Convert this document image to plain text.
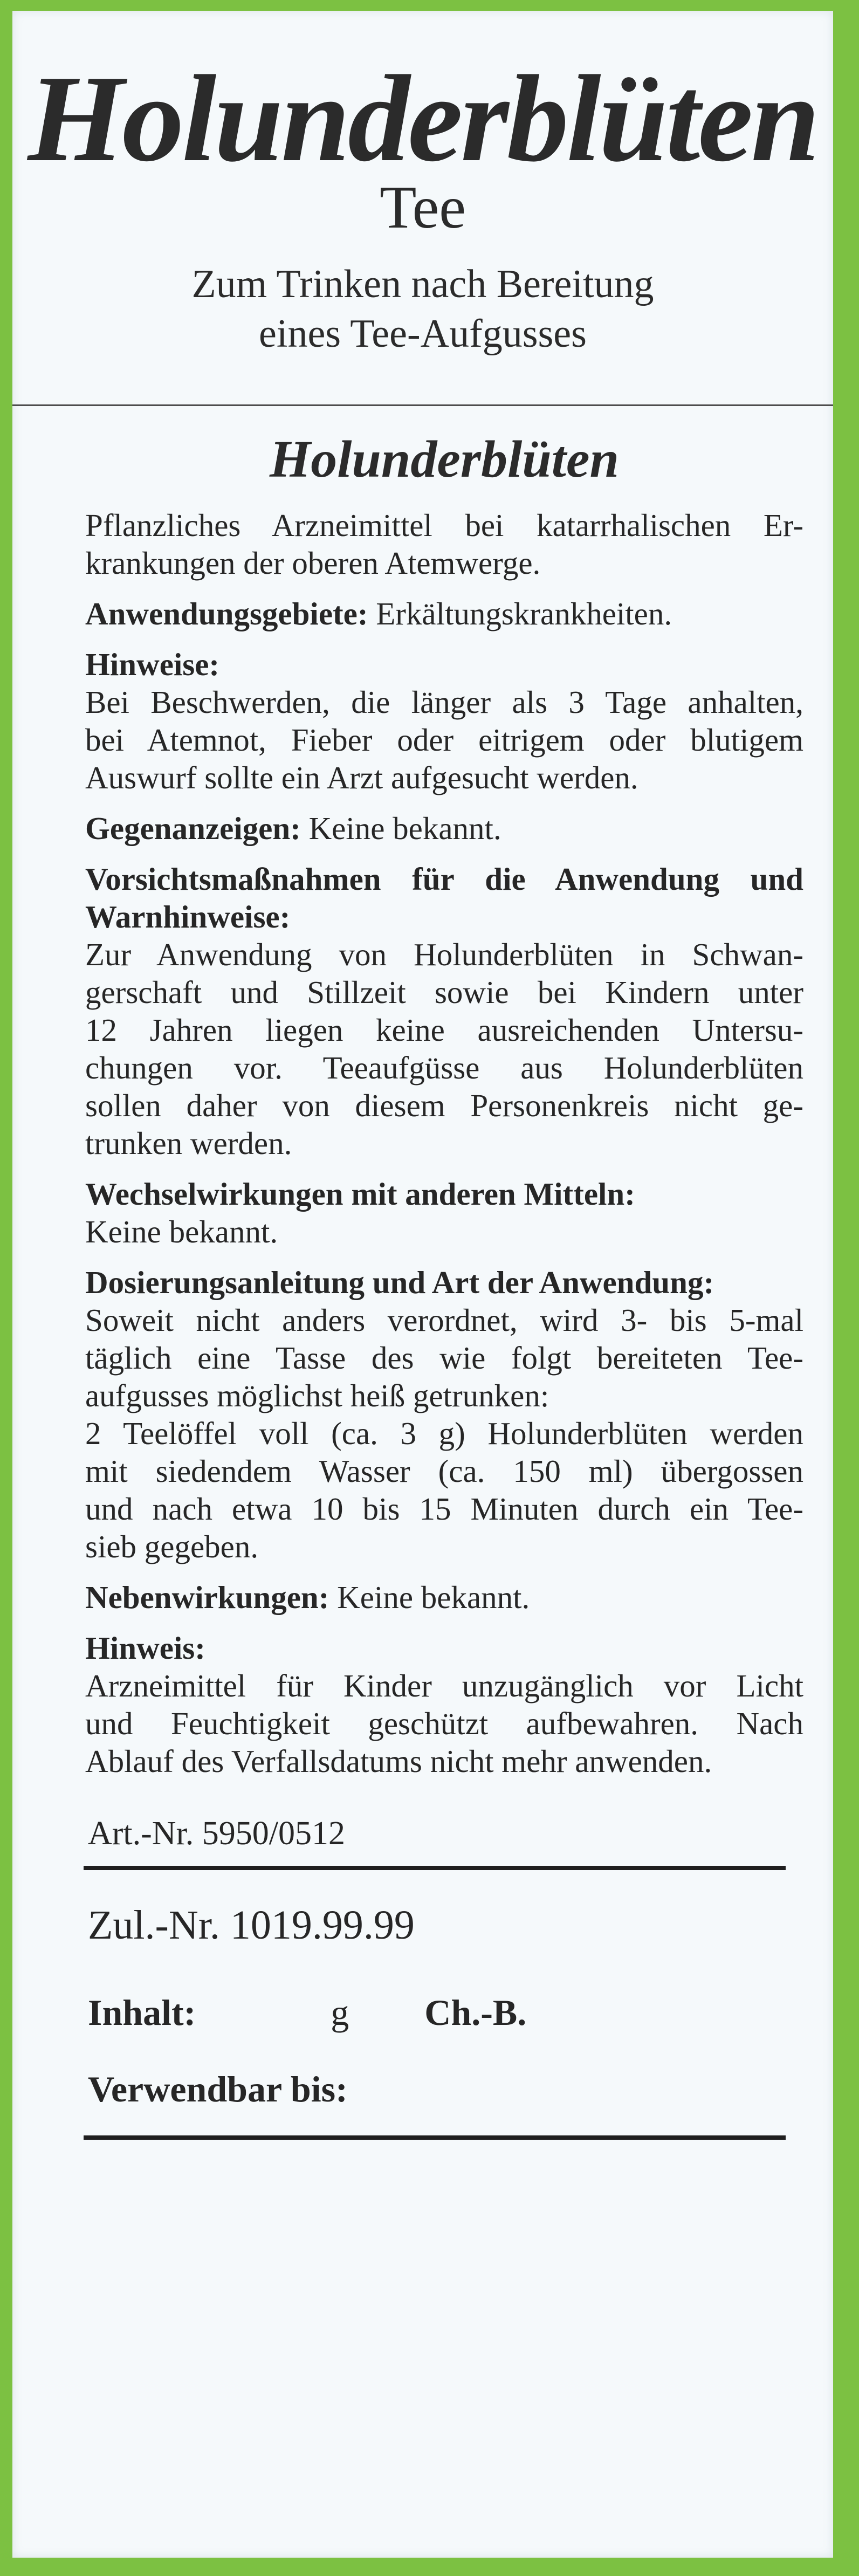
Holunderblüten
Tee
Zum Trinken nach Bereitung
eines Tee-Aufgusses
Holunderblüten
Pflanzliches Arzneimittel bei katarrhalischen Er-
krankungen der oberen Atemwerge.
Anwendungsgebiete: Erkältungskrankheiten.
Hinweise:
Bei Beschwerden, die länger als 3 Tage anhalten,
bei Atemnot, Fieber oder eitrigem oder blutigem
Auswurf sollte ein Arzt aufgesucht werden.
Gegenanzeigen: Keine bekannt.
Vorsichtsmaßnahmen für die Anwendung und
Warnhinweise:
Zur Anwendung von Holunderblüten in Schwan-
gerschaft und Stillzeit sowie bei Kindern unter
12 Jahren liegen keine ausreichenden Untersu-
chungen vor. Teeaufgüsse aus Holunderblüten
sollen daher von diesem Personenkreis nicht ge-
trunken werden.
Wechselwirkungen mit anderen Mitteln:
Keine bekannt.
Dosierungsanleitung und Art der Anwendung:
Soweit nicht anders verordnet, wird 3- bis 5-mal
täglich eine Tasse des wie folgt bereiteten Tee-
aufgusses möglichst heiß getrunken:
2 Teelöffel voll (ca. 3 g) Holunderblüten werden
mit siedendem Wasser (ca. 150 ml) übergossen
und nach etwa 10 bis 15 Minuten durch ein Tee-
sieb gegeben.
Nebenwirkungen: Keine bekannt.
Hinweis:
Arzneimittel für Kinder unzugänglich vor Licht
und Feuchtigkeit geschützt aufbewahren. Nach
Ablauf des Verfallsdatums nicht mehr anwenden.
Art.-Nr. 5950/0512
Zul.-Nr. 1019.99.99
Inhalt:	g Ch.-B.
Verwendbar bis:
